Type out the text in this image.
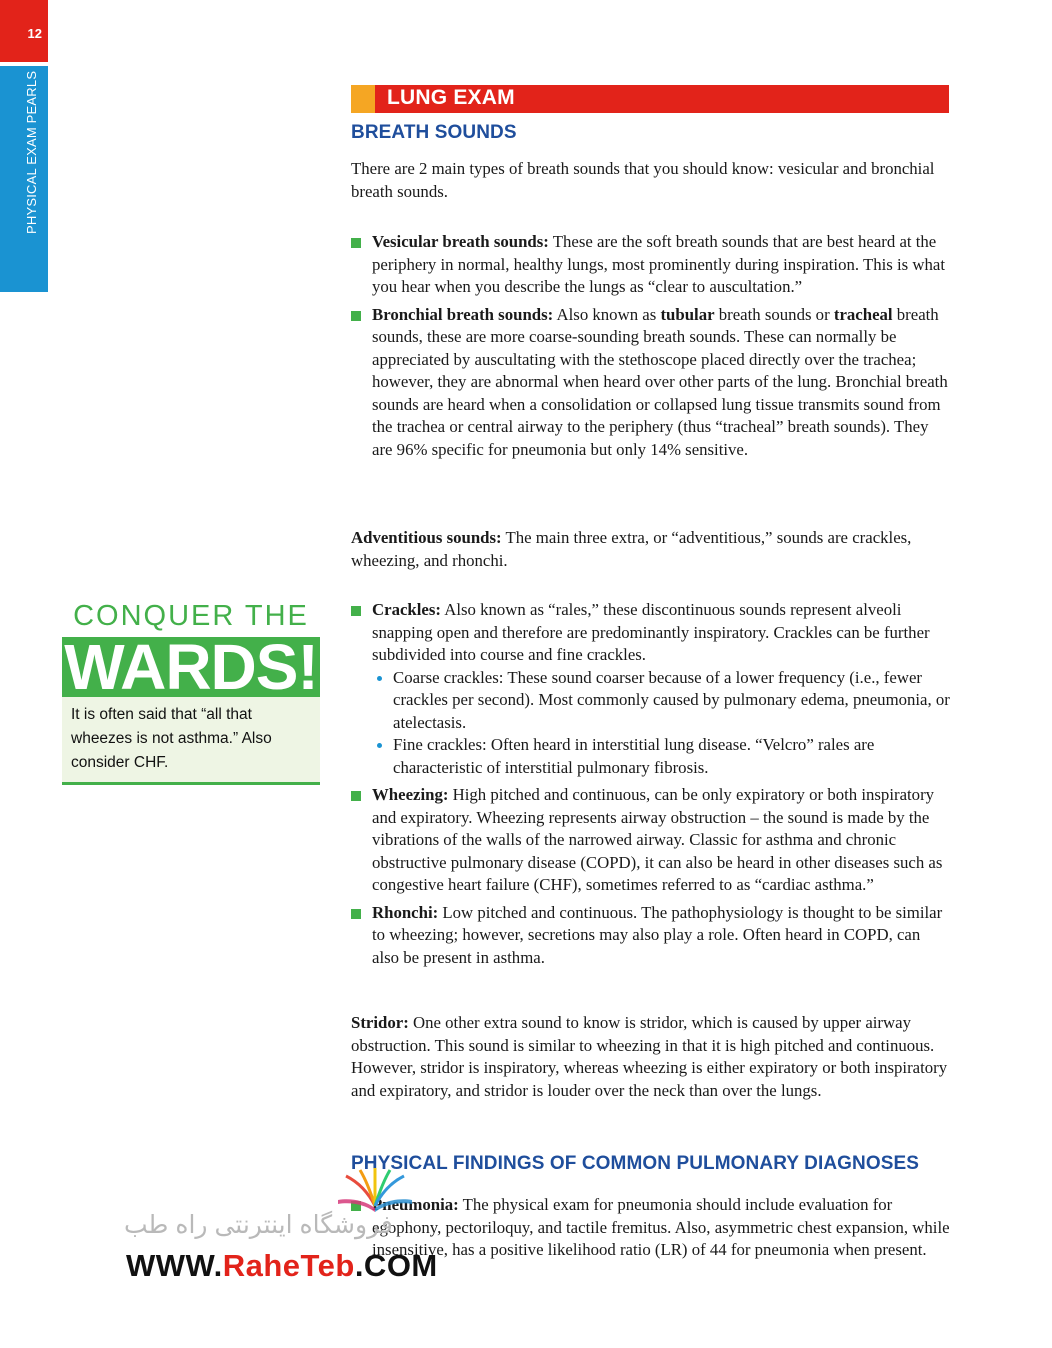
12
PHYSICAL EXAM PEARLS	LUNG EXAM
BREATH SOUNDS
There are 2 main types of breath sounds that you should know: vesicular and bronchial breath sounds.
Vesicular breath sounds: These are the soft breath sounds that are best heard at the periphery in normal, healthy lungs, most prominently during inspiration. This is what you hear when you describe the lungs as “clear to auscultation.”
Bronchial breath sounds: Also known as tubular breath sounds or tracheal breath sounds, these are more coarse-sounding breath sounds. These can normally be appreciated by auscultating with the stethoscope placed directly over the trachea; however, they are abnormal when heard over other parts of the lung. Bronchial breath sounds are heard when a consolidation or collapsed lung tissue transmits sound from the trachea or central airway to the periphery (thus “tracheal” breath sounds). They are 96% specific for pneumonia but only 14% sensitive.
Adventitious sounds: The main three extra, or “adventitious,” sounds are crackles, wheezing, and rhonchi.
Crackles: Also known as “rales,” these discontinuous sounds represent alveoli snapping open and therefore are predominantly inspiratory. Crackles can be further subdivided into course and fine crackles.
Coarse crackles: These sound coarser because of a lower frequency (i.e., fewer crackles per second). Most commonly caused by pulmonary edema, pneumonia, or atelectasis.
Fine crackles: Often heard in interstitial lung disease. “Velcro” rales are characteristic of interstitial pulmonary fibrosis.
Wheezing: High pitched and continuous, can be only expiratory or both inspiratory and expiratory. Wheezing represents airway obstruction – the sound is made by the vibrations of the walls of the narrowed airway. Classic for asthma and chronic obstructive pulmonary disease (COPD), it can also be heard in other diseases such as congestive heart failure (CHF), sometimes referred to as “cardiac asthma.”
Rhonchi: Low pitched and continuous. The pathophysiology is thought to be similar to wheezing; however, secretions may also play a role. Often heard in COPD, can also be present in asthma.
Stridor: One other extra sound to know is stridor, which is caused by upper airway obstruction. This sound is similar to wheezing in that it is high pitched and continuous. However, stridor is inspiratory, whereas wheezing is either expiratory or both inspiratory and expiratory, and stridor is louder over the neck than over the lungs.
PHYSICAL FINDINGS OF COMMON PULMONARY DIAGNOSES
Pneumonia: The physical exam for pneumonia should include evaluation for egophony, pectoriloquy, and tactile fremitus. Also, asymmetric chest expansion, while insensitive, has a positive likelihood ratio (LR) of 44 for pneumonia when present.
CONQUER THE
WARDS!
It is often said that “all that wheezes is not asthma.” Also consider CHF.
فروشگاه اینترنتی راه طب
WWW.RaheTeb.COM
